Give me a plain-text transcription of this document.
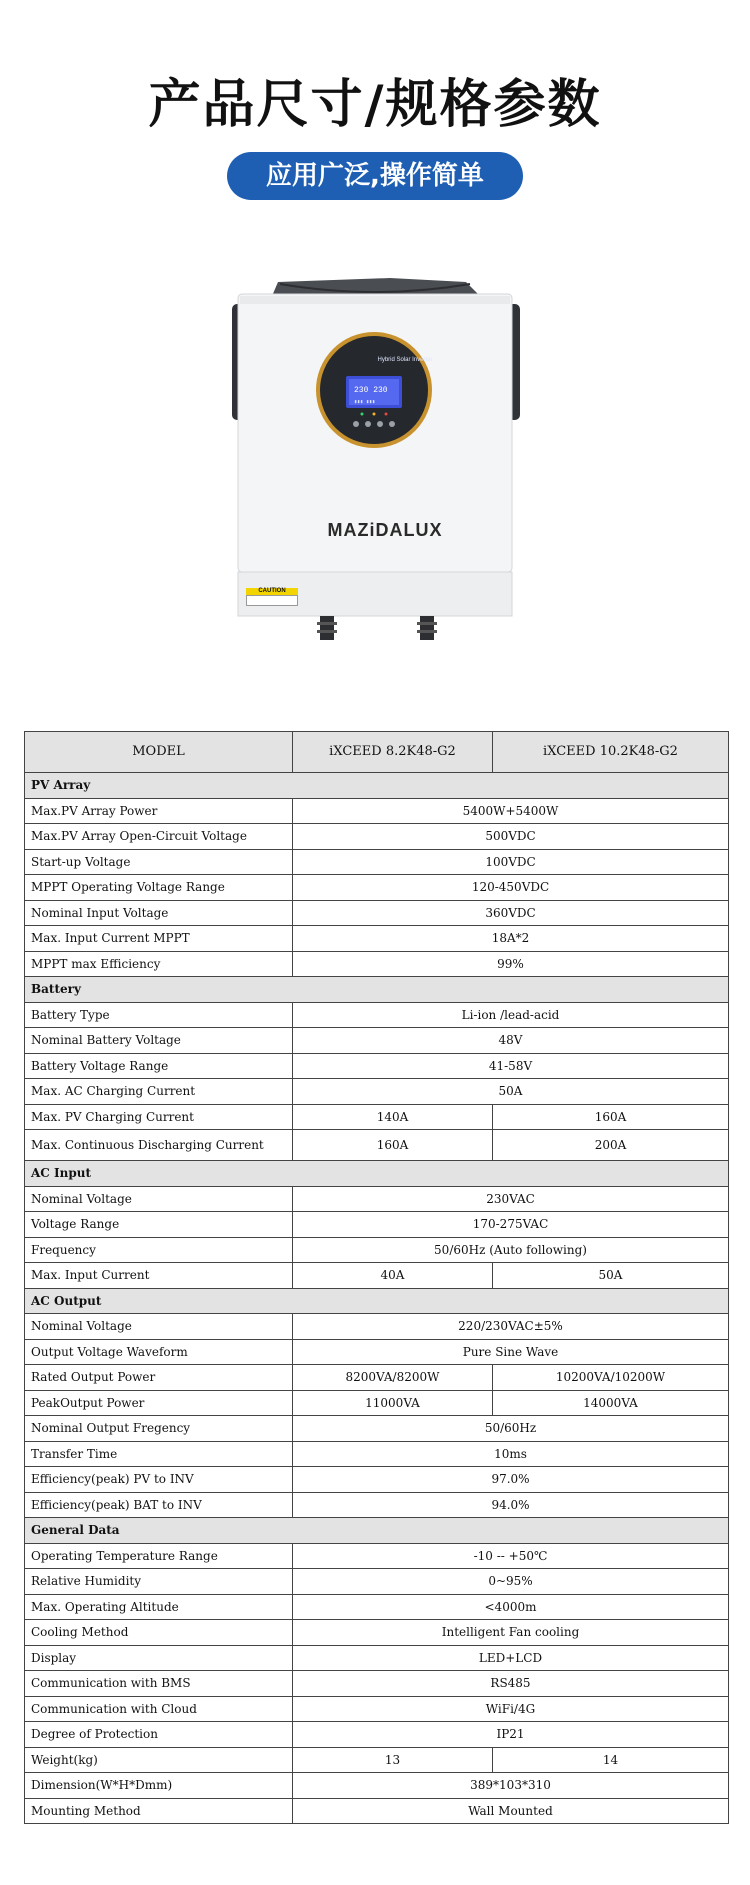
产品尺寸/规格参数
应用广泛,操作简单
230 230
▮▮▮ ▮▮▮
Hybrid Solar Inverter
MAZiDALUX
CAUTION
MODEL	iXCEED 8.2K48-G2	iXCEED 10.2K48-G2
PV Array		
Max.PV Array Power	5400W+5400W	
Max.PV Array Open-Circuit Voltage	500VDC	
Start-up Voltage	100VDC	
MPPT Operating Voltage Range	120-450VDC	
Nominal Input Voltage	360VDC	
Max. Input Current MPPT	18A*2	
MPPT max Efficiency	99%	
Battery		
Battery Type	Li-ion /lead-acid	
Nominal Battery Voltage	48V	
Battery Voltage Range	41-58V	
Max. AC Charging Current	50A	
Max. PV Charging Current	140A	160A
Max. Continuous Discharging Current	160A	200A
AC Input		
Nominal Voltage	230VAC	
Voltage Range	170-275VAC	
Frequency	50/60Hz (Auto following)	
Max. Input Current	40A	50A
AC Output		
Nominal Voltage	220/230VAC±5%	
Output Voltage Waveform	Pure Sine Wave	
Rated Output Power	8200VA/8200W	10200VA/10200W
PeakOutput Power	11000VA	14000VA
Nominal Output Fregency	50/60Hz	
Transfer Time	10ms	
Efficiency(peak) PV to INV	97.0%	
Efficiency(peak) BAT to INV	94.0%	
General Data		
Operating Temperature Range	-10 -- +50℃	
Relative Humidity	0~95%	
Max. Operating Altitude	<4000m	
Cooling Method	Intelligent Fan cooling	
Display	LED+LCD	
Communication with BMS	RS485	
Communication with Cloud	WiFi/4G	
Degree of Protection	IP21	
Weight(kg)	13	14
Dimension(W*H*Dmm)	389*103*310	
Mounting Method	Wall Mounted	
